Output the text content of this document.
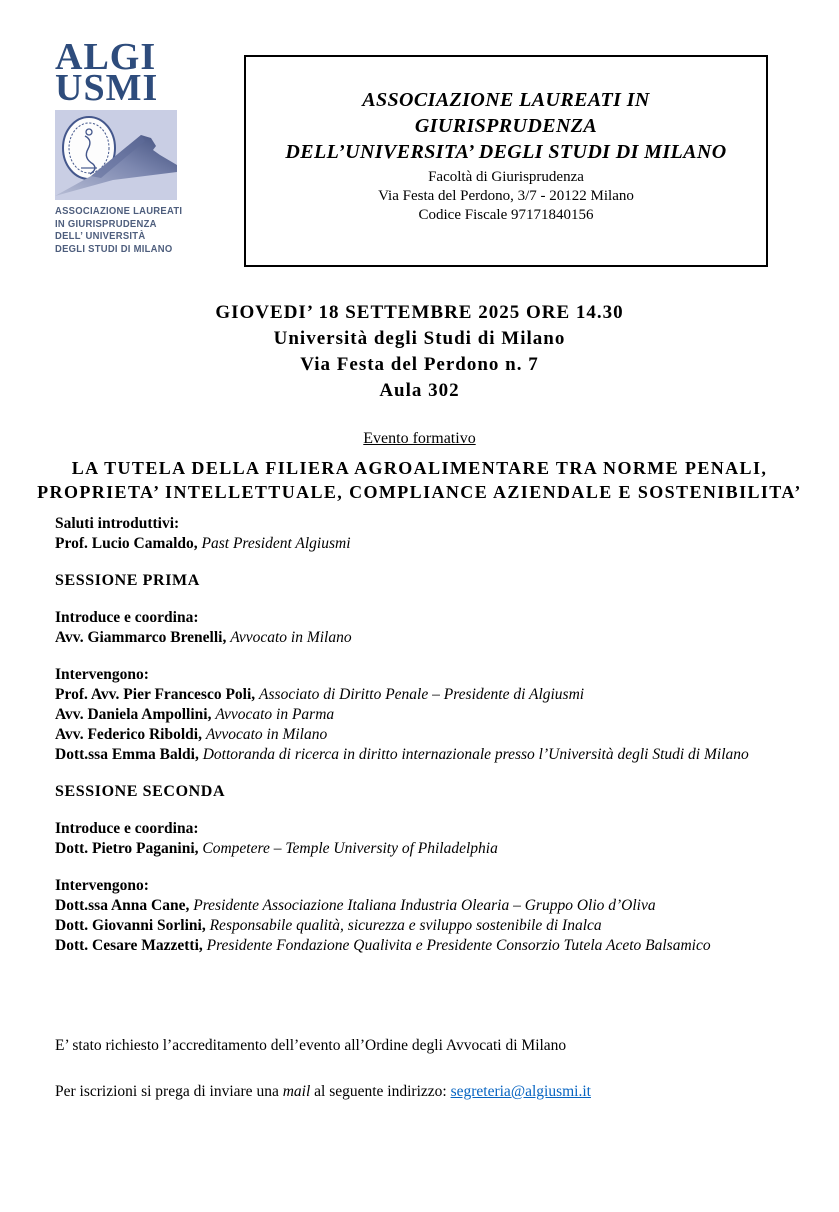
ALGI
USMI
ASSOCIAZIONE LAUREATI
IN GIURISPRUDENZA
DELL’ UNIVERSITÀ
DEGLI STUDI DI MILANO
ASSOCIAZIONE LAUREATI IN
GIURISPRUDENZA
DELL’UNIVERSITA’ DEGLI STUDI DI MILANO
Facoltà di Giurisprudenza
Via Festa del Perdono, 3/7 - 20122 Milano
Codice Fiscale 97171840156
GIOVEDI’ 18 SETTEMBRE 2025 ORE 14.30
Università degli Studi di Milano
Via Festa del Perdono n. 7
Aula 302
Evento formativo
LA TUTELA DELLA FILIERA AGROALIMENTARE TRA NORME PENALI,
PROPRIETA’ INTELLETTUALE, COMPLIANCE AZIENDALE E SOSTENIBILITA’
Saluti introduttivi:
Prof. Lucio Camaldo, Past President Algiusmi
SESSIONE PRIMA
Introduce e coordina:
Avv. Giammarco Brenelli, Avvocato in Milano
Intervengono:
Prof. Avv. Pier Francesco Poli, Associato di Diritto Penale – Presidente di Algiusmi
Avv. Daniela Ampollini, Avvocato in Parma
Avv. Federico Riboldi, Avvocato in Milano
Dott.ssa Emma Baldi, Dottoranda di ricerca in diritto internazionale presso l’Università degli Studi di Milano
SESSIONE SECONDA
Introduce e coordina:
Dott. Pietro Paganini, Competere – Temple University of Philadelphia
Intervengono:
Dott.ssa Anna Cane, Presidente Associazione Italiana Industria Olearia – Gruppo Olio d’Oliva
Dott. Giovanni Sorlini, Responsabile qualità, sicurezza e sviluppo sostenibile di Inalca
Dott. Cesare Mazzetti, Presidente Fondazione Qualivita e Presidente Consorzio Tutela Aceto Balsamico
E’ stato richiesto l’accreditamento dell’evento all’Ordine degli Avvocati di Milano
Per iscrizioni si prega di inviare una mail al seguente indirizzo: segreteria@algiusmi.it
